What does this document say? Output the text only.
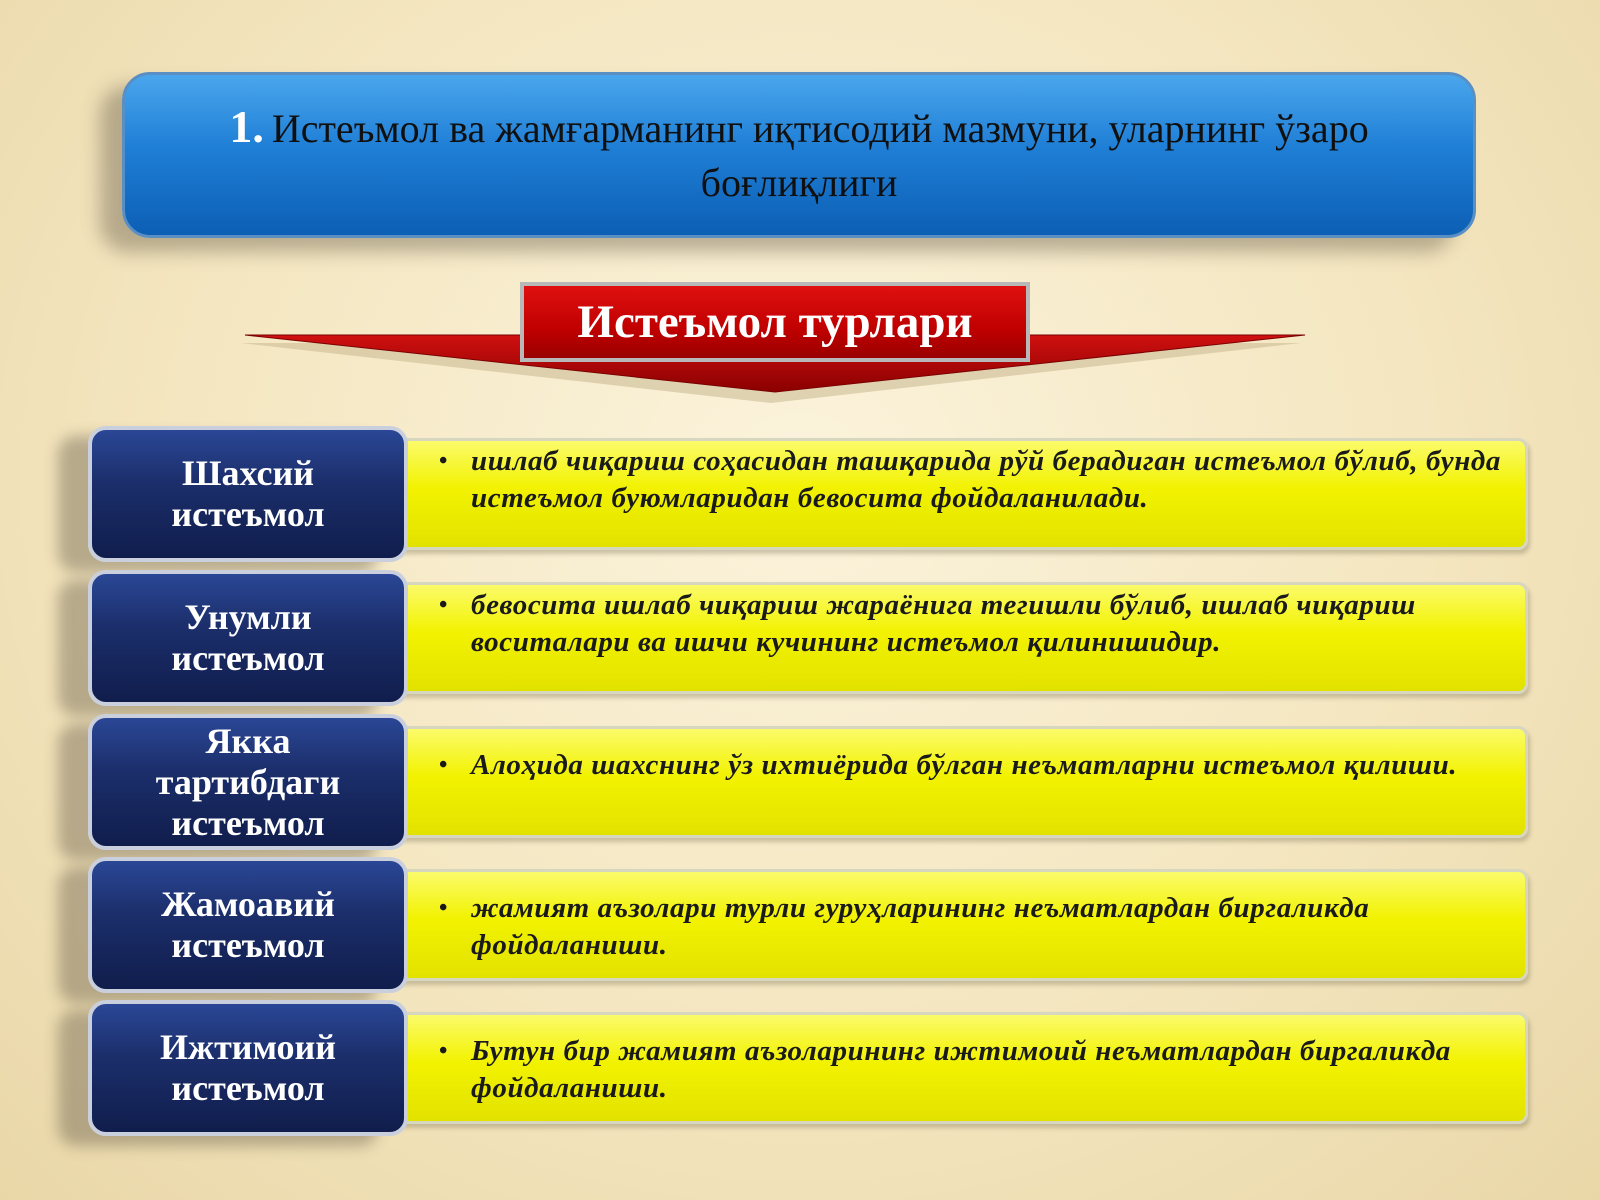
1. Истеъмол ва жамғарманинг иқтисодий мазмуни, уларнинг ўзаро боғлиқлиги
Истеъмол турлари
• ишлаб чиқариш соҳасидан ташқарида рўй берадиган истеъмол бўлиб, бунда истеъмол буюмларидан бевосита фойдаланилади.
Шахсий
истеъмол
• бевосита ишлаб чиқариш жараёнига тегишли бўлиб, ишлаб чиқариш воситалари ва ишчи кучининг истеъмол қилинишидир.
Унумли
истеъмол
• Алоҳида шахснинг ўз ихтиёрида бўлган неъматларни истеъмол қилиши.
Якка
тартибдаги
истеъмол
• жамият аъзолари турли гуруҳларининг неъматлардан биргаликда фойдаланиши.
Жамоавий
истеъмол
• Бутун бир жамият аъзоларининг ижтимоий неъматлардан биргаликда фойдаланиши.
Ижтимоий
истеъмол
